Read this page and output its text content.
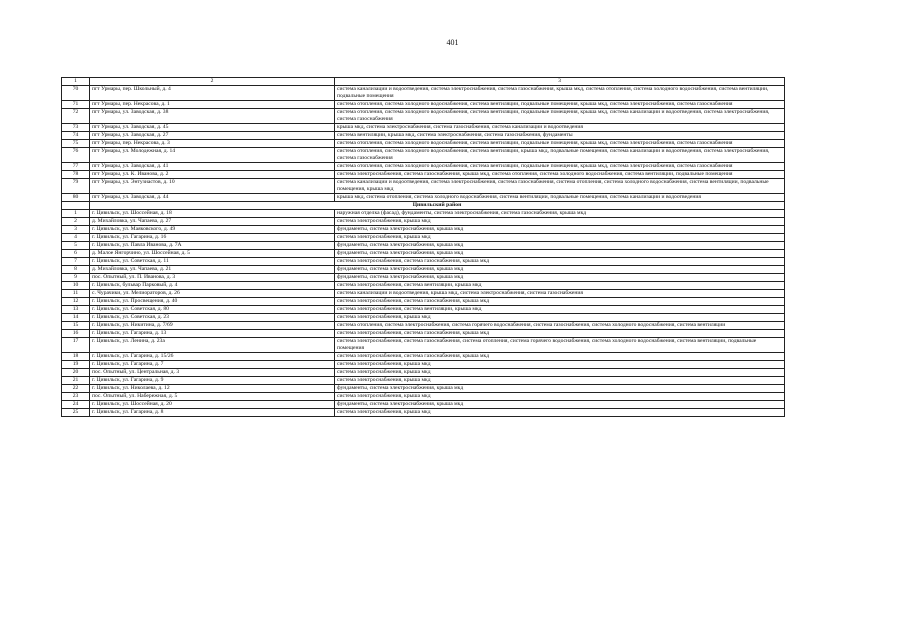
401
1	2	3
70	пгт Урмары, пер. Школьный, д. 4	система канализации и водоотведения, система электроснабжения, система газоснабжения, крыша мкд, система отопления, система холодного водоснабжения, система вентиляции, подвальные помещения
71	пгт Урмары, пер. Некрасова, д. 1	система отопления, система холодного водоснабжения, система вентиляции, подвальные помещения, крыша мкд, система электроснабжения, система газоснабжения
72	пгт Урмары, ул. Заводская, д. 38	система отопления, система холодного водоснабжения, система вентиляции, подвальные помещения, крыша мкд, система канализации и водоотведения, система электроснабжения, система газоснабжения
73	пгт Урмары, ул. Заводская, д. 45	крыша мкд, система электроснабжения, система газоснабжения, система канализации и водоотведения
74	пгт Урмары, ул. Заводская, д. 27	система вентиляции, крыша мкд, система электроснабжения, система газоснабжения, фундаменты
75	пгт Урмары, пер. Некрасова, д. 3	система отопления, система холодного водоснабжения, система вентиляции, подвальные помещения, крыша мкд, система электроснабжения, система газоснабжения
76	пгт Урмары, ул. Молодежная, д. 14	система отопления, система холодного водоснабжения, система вентиляции, крыша мкд, подвальные помещения, система канализации и водоотведения, система электроснабжения, система газоснабжения
77	пгт Урмары, ул. Заводская, д. 41	система отопления, система холодного водоснабжения, система вентиляции, подвальные помещения, крыша мкд, система электроснабжения, система газоснабжения
78	пгт Урмары, ул. К. Иванова, д. 2	система электроснабжения, система газоснабжения, крыша мкд, система отопления, система холодного водоснабжения, система вентиляции, подвальные помещения
79	пгт Урмары, ул. Энтузиастов, д. 10	система канализации и водоотведения, система электроснабжения, система газоснабжения, система отопления, система холодного водоснабжения, система вентиляции, подвальные помещения, крыша мкд
80	пгт Урмары, ул. Заводская, д. 44	крыша мкд, система отопления, система холодного водоснабжения, система вентиляции, подвальные помещения, система канализации и водоотведения
	Цивильский район	
1	г. Цивильск, ул. Шоссейная, д. 18	наружная отделка (фасад), фундаменты, система электроснабжения, система газоснабжения, крыша мкд
2	д. Михайловка, ул. Чапаева, д. 27	система электроснабжения, крыша мкд
3	г. Цивильск, ул. Маяковского, д. 49	фундаменты, система электроснабжения, крыша мкд
4	г. Цивильск, ул. Гагарина, д. 16	система электроснабжения, крыша мкд
5	г. Цивильск, ул. Павла Иванова, д. 7А	фундаменты, система электроснабжения, крыша мкд
6	д. Малое Янгорчино, ул. Шоссейная, д. 5	фундаменты, система электроснабжения, крыша мкд
7	г. Цивильск, ул. Советская, д. 11	система электроснабжения, система газоснабжения, крыша мкд
8	д. Михайловка, ул. Чапаева, д. 21	фундаменты, система электроснабжения, крыша мкд
9	пос. Опытный, ул. П. Иванова, д. 3	фундаменты, система электроснабжения, крыша мкд
10	г. Цивильск, бульвар Парковый, д. 4	система электроснабжения, система вентиляции, крыша мкд
11	с. Чурачики, ул. Мелиораторов, д. 26	система канализации и водоотведения, крыша мкд, система электроснабжения, система газоснабжения
12	г. Цивильск, ул. Просвещения, д. 40	система электроснабжения, система газоснабжения, крыша мкд
13	г. Цивильск, ул. Советская, д. 80	система электроснабжения, система вентиляции, крыша мкд
14	г. Цивильск, ул. Советская, д. 23	система электроснабжения, крыша мкд
15	г. Цивильск, ул. Никитина, д. 7/69	система отопления, система электроснабжения, система горячего водоснабжения, система газоснабжения, система холодного водоснабжения, система вентиляции
16	г. Цивильск, ул. Гагарина, д. 13	система электроснабжения, система газоснабжения, крыша мкд
17	г. Цивильск, ул. Ленина, д. 23а	система электроснабжения, система газоснабжения, система отопления, система горячего водоснабжения, система холодного водоснабжения, система вентиляции, подвальные помещения
18	г. Цивильск, ул. Гагарина, д. 15/26	система электроснабжения, система газоснабжения, крыша мкд
19	г. Цивильск, ул. Гагарина, д. 7	система электроснабжения, крыша мкд
20	пос. Опытный, ул. Центральная, д. 3	система электроснабжения, крыша мкд
21	г. Цивильск, ул. Гагарина, д. 9	система электроснабжения, крыша мкд
22	г. Цивильск, ул. Николаева, д. 12	фундаменты, система электроснабжения, крыша мкд
23	пос. Опытный, ул. Набережная, д. 5	система электроснабжения, крыша мкд
24	г. Цивильск, ул. Шоссейная, д. 20	фундаменты, система электроснабжения, крыша мкд
25	г. Цивильск, ул. Гагарина, д. 8	система электроснабжения, крыша мкд
